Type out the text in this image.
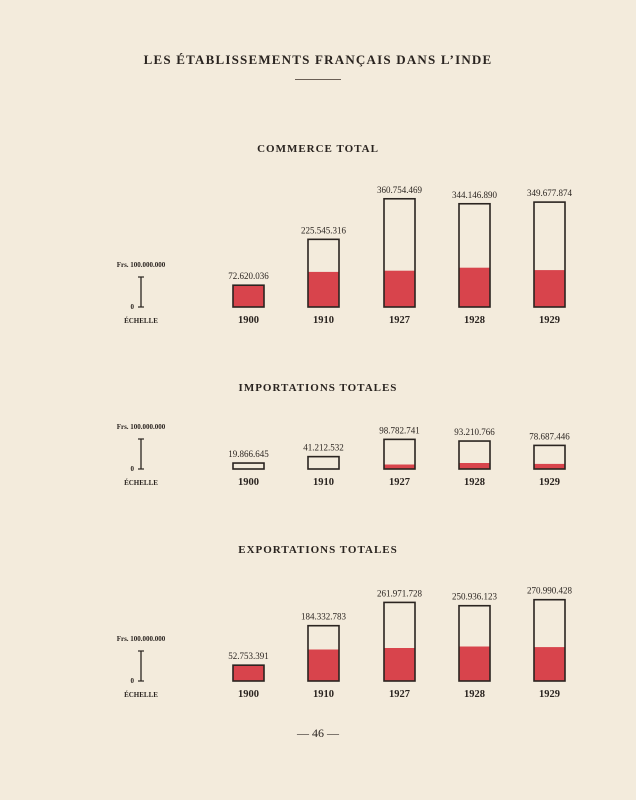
LES ÉTABLISSEMENTS FRANÇAIS DANS L’INDE
COMMERCE TOTAL
IMPORTATIONS TOTALES
EXPORTATIONS TOTALES
Frs. 100.000.000
0
ÉCHELLE
72.620.036
1900
225.545.316
1910
360.754.469
1927
344.146.890
1928
349.677.874
1929
Frs. 100.000.000
0
ÉCHELLE
19.866.645
1900
41.212.532
1910
98.782.741
1927
93.210.766
1928
78.687.446
1929
Frs. 100.000.000
0
ÉCHELLE
52.753.391
1900
184.332.783
1910
261.971.728
1927
250.936.123
1928
270.990.428
1929
— 46 —
